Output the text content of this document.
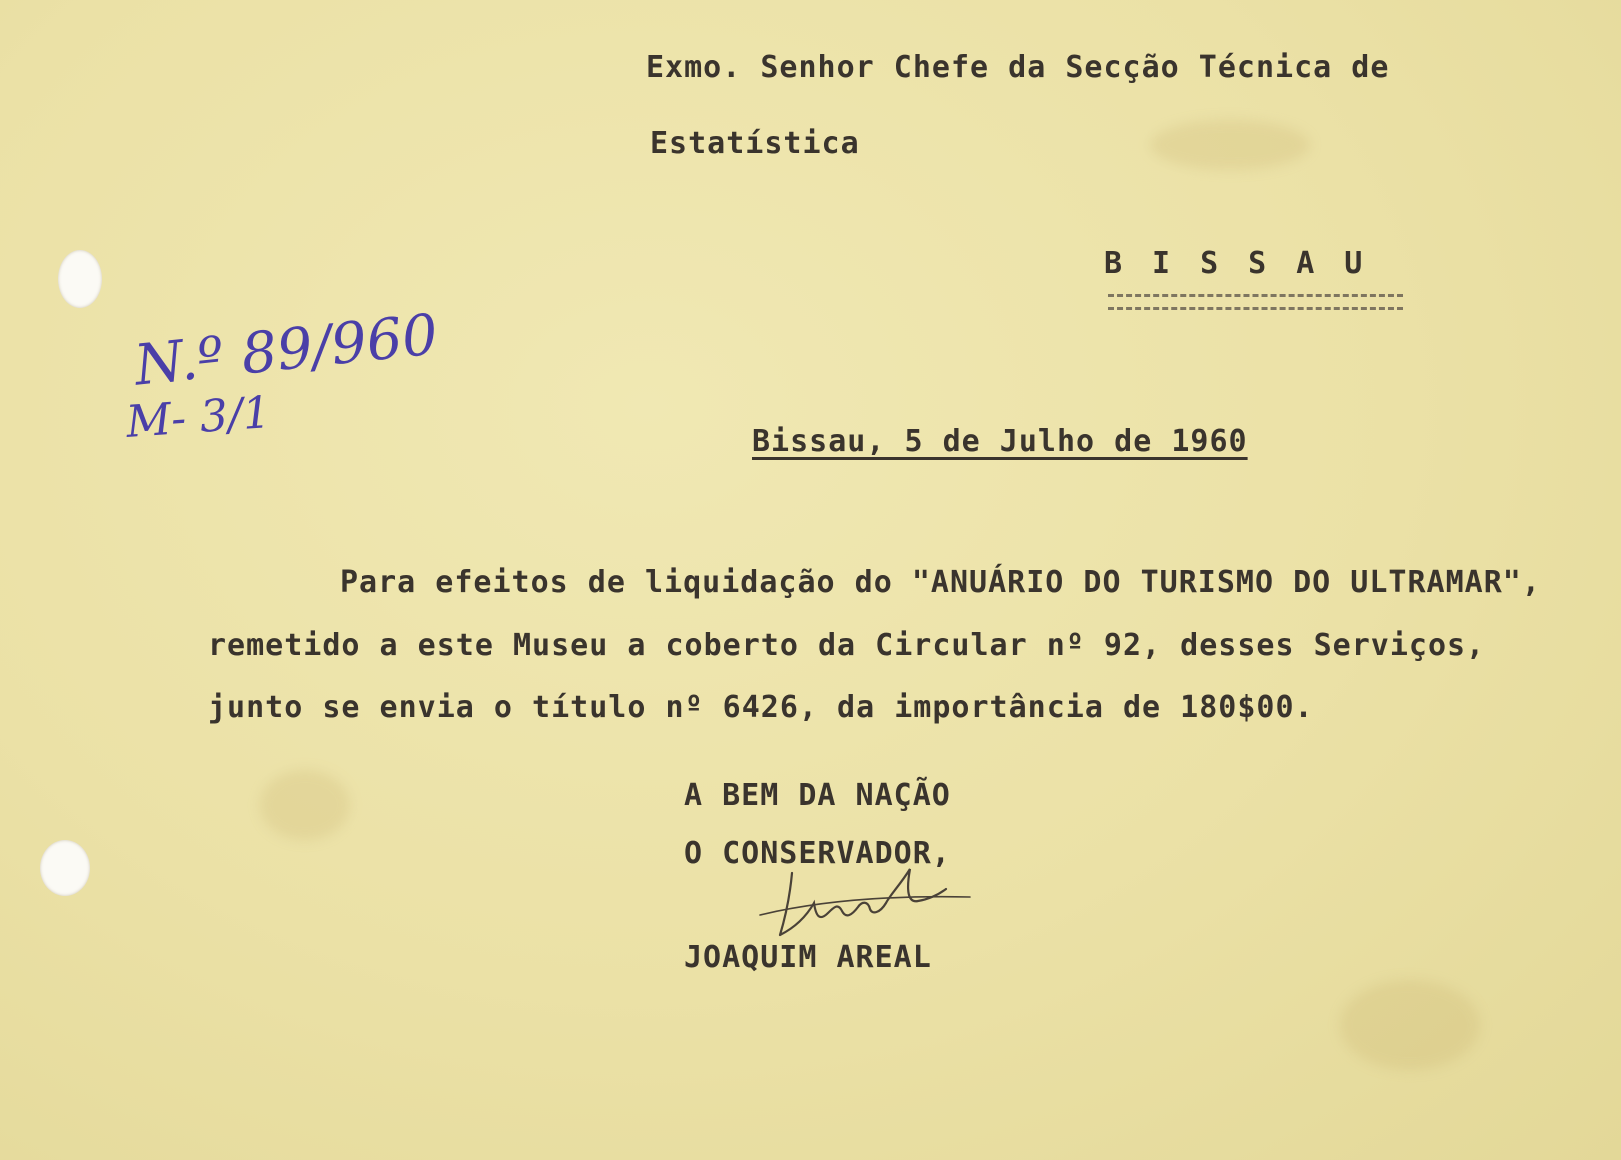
Exmo. Senhor Chefe da Secção Técnica de
Estatística
BISSAU
N.º 89/960
M- 3/1	Bissau, 5 de Julho de 1960
Para efeitos de liquidação do "ANUÁRIO DO TURISMO DO ULTRAMAR",
remetido a este Museu a coberto da Circular nº 92, desses Serviços,
junto se envia o título nº 6426, da importância de 180$00.
A BEM DA NAÇÃO
O CONSERVADOR,
JOAQUIM AREAL
